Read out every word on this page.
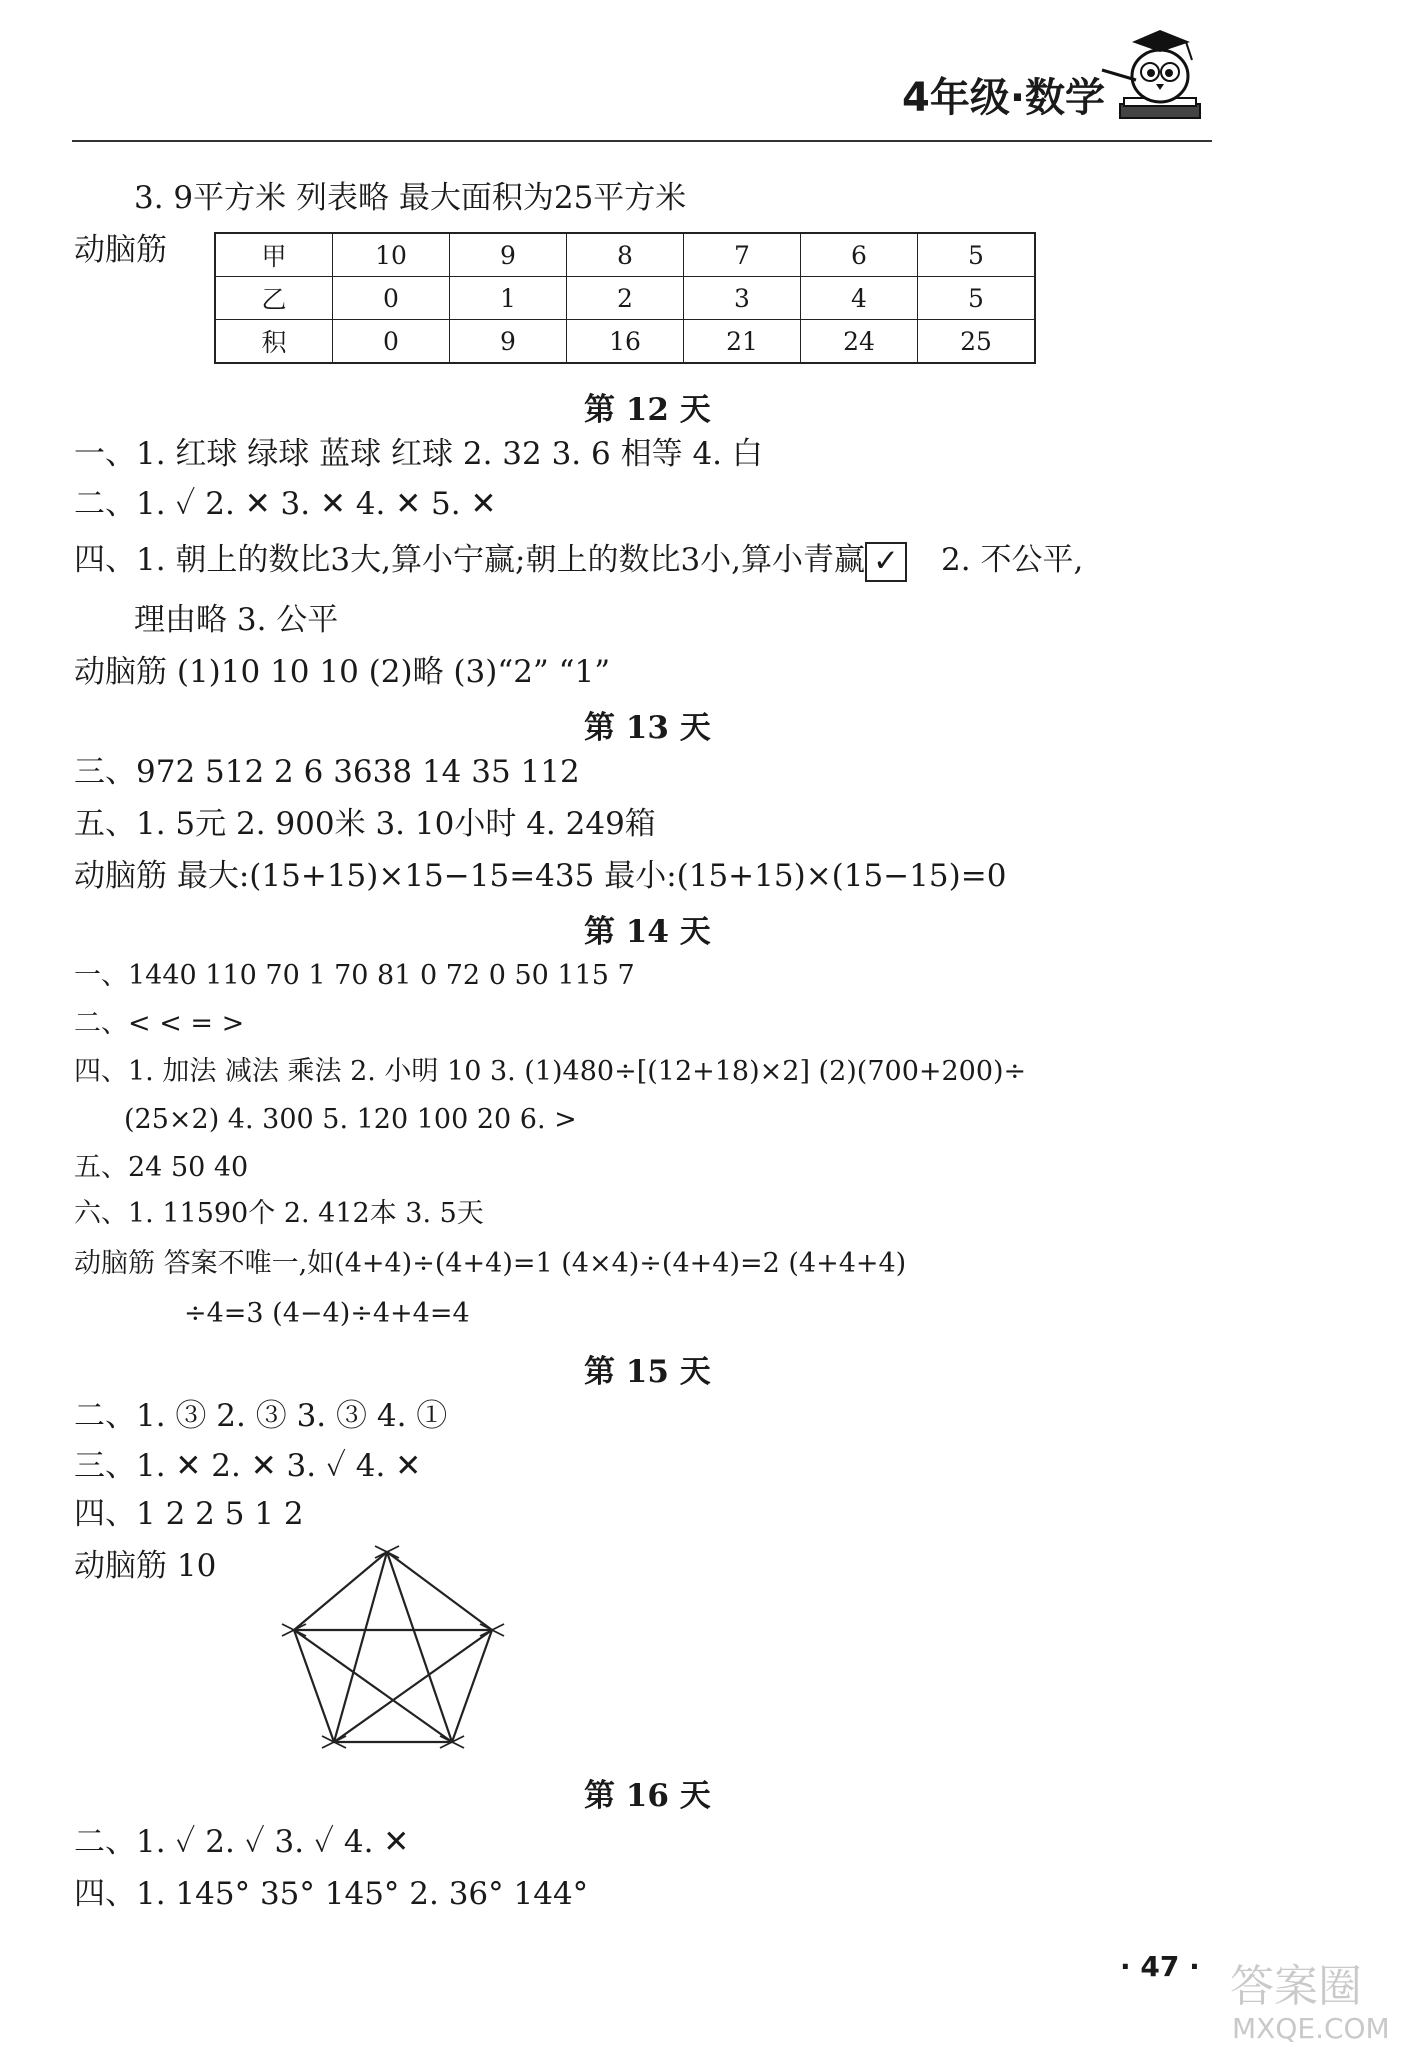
4年级·数学
3. 9平方米 列表略 最大面积为25平方米
动脑筋	甲	10	9	8	7	6	5
乙	0	1	2	3	4	5
积	0	9	16	21	24	25
第 12 天
一、1. 红球 绿球 蓝球 红球 2. 32 3. 6 相等 4. 白
二、1. ✓ 2. ✕ 3. ✕ 4. ✕ 5. ✕
四、1. 朝上的数比3大,算小宁赢;朝上的数比3小,算小青赢 ✓ 2. 不公平,
理由略 3. 公平
动脑筋 (1)10 10 10 (2)略 (3)“2” “1”
第 13 天
三、972 512 2 6 3638 14 35 112
五、1. 5元 2. 900米 3. 10小时 4. 249箱
动脑筋 最大:(15+15)×15−15=435 最小:(15+15)×(15−15)=0
第 14 天
一、1440 110 70 1 70 81 0 72 0 50 115 7
二、< < = >
四、1. 加法 减法 乘法 2. 小明 10 3. (1)480÷[(12+18)×2] (2)(700+200)÷
(25×2) 4. 300 5. 120 100 20 6. >
五、24 50 40
六、1. 11590个 2. 412本 3. 5天
动脑筋 答案不唯一,如(4+4)÷(4+4)=1 (4×4)÷(4+4)=2 (4+4+4)
÷4=3 (4−4)÷4+4=4
第 15 天
二、1. ③ 2. ③ 3. ③ 4. ①
三、1. ✕ 2. ✕ 3. ✓ 4. ✕
四、1 2 2 5 1 2
动脑筋 10
第 16 天
二、1. ✓ 2. ✓ 3. ✓ 4. ✕
四、1. 145° 35° 145° 2. 36° 144°
· 47 · 答案圈
MXQE.COM
